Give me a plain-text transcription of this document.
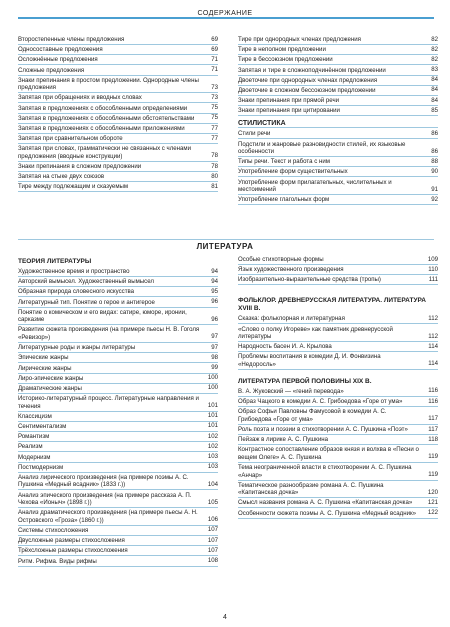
СОДЕРЖАНИЕ
Второстепенные члены предложения	69
Односоставные предложения	69
Осложнённые предложения	71
Сложные предложения	71
Знаки препинания в простом предложении. Однородные члены предложения	73
Запятая при обращениях и вводных словах	73
Запятая в предложениях с обособленными определениями	75
Запятая в предложениях с обособленными обстоятельствами	75
Запятая в предложениях с обособленными приложениями	77
Запятая при сравнительном обороте	77
Запятая при словах, грамматически не связанных с членами предложения (вводные конструкции)	78
Знаки препинания в сложном предложении	78
Запятая на стыке двух союзов	80
Тире между подлежащим и сказуемым	81
Тире при однородных членах предложения	82
Тире в неполном предложении	82
Тире в бессоюзном предложении	82
Запятая и тире в сложноподчинённом предложении	83
Двоеточие при однородных членах предложения	84
Двоеточие в сложном бессоюзном предложении	84
Знаки препинания при прямой речи	84
Знаки препинания при цитировании	85
СТИЛИСТИКА
Стили речи	86
Подстили и жанровые разновидности стилей, их языковые особенности	86
Типы речи. Текст и работа с ним	88
Употребление форм существительных	90
Употребление форм прилагательных, числительных и местоимений	91
Употребление глагольных форм	92
ЛИТЕРАТУРА
ТЕОРИЯ ЛИТЕРАТУРЫ
Художественное время и пространство	94
Авторский вымысел. Художественный вымысел	94
Образная природа словесного искусства	95
Литературный тип. Понятие о герое и антигерое	96
Понятие о комическом и его видах: сатире, юморе, иронии, сарказме	96
Развитие сюжета произведения (на примере пьесы Н. В. Гоголя «Ревизор»)	97
Литературные роды и жанры литературы	97
Эпические жанры	98
Лирические жанры	99
Лиро-эпические жанры	100
Драматические жанры	100
Историко-литературный процесс. Литературные направления и течения	101
Классицизм	101
Сентиментализм	101
Романтизм	102
Реализм	102
Модернизм	103
Постмодернизм	103
Анализ лирического произведения (на примере поэмы А. С. Пушкина «Медный всадник» (1833 г.))	104
Анализ эпического произведения (на примере рассказа А. П. Чехова «Ионыч» (1898 г.))	105
Анализ драматического произведения (на примере пьесы А. Н. Островского «Гроза» (1860 г.))	106
Системы стихосложения	107
Двусложные размеры стихосложения	107
Трёхсложные размеры стихосложения	107
Ритм. Рифма. Виды рифмы	108
Особые стихотворные формы	109
Язык художественного произведения	110
Изобразительно-выразительные средства (тропы)	111
ФОЛЬКЛОР. ДРЕВНЕРУССКАЯ ЛИТЕРАТУРА. ЛИТЕРАТУРА XVIII В.
Сказка: фольклорная и литературная	112
«Слово о полку Игореве» как памятник древнерусской литературы	112
Народность басен И. А. Крылова	114
Проблемы воспитания в комедии Д. И. Фонвизина «Недоросль»	114
ЛИТЕРАТУРА ПЕРВОЙ ПОЛОВИНЫ XIX В.
В. А. Жуковский — «гений перевода»	116
Образ Чацкого в комедии А. С. Грибоедова «Горе от ума»	116
Образ Софьи Павловны Фамусовой в комедии А. С. Грибоедова «Горе от ума»	117
Роль поэта и поэзии в стихотворении А. С. Пушкина «Поэт»	117
Пейзаж в лирике А. С. Пушкина	118
Контрастное сопоставление образов князя и волхва в «Песни о вещем Олеге» А. С. Пушкина	119
Тема неограниченной власти в стихотворении А. С. Пушкина «Анчар»	119
Тематическое разнообразие романа А. С. Пушкина «Капитанская дочка»	120
Смысл названия романа А. С. Пушкина «Капитанская дочка»	121
Особенности сюжета поэмы А. С. Пушкина «Медный всадник»	122
4
